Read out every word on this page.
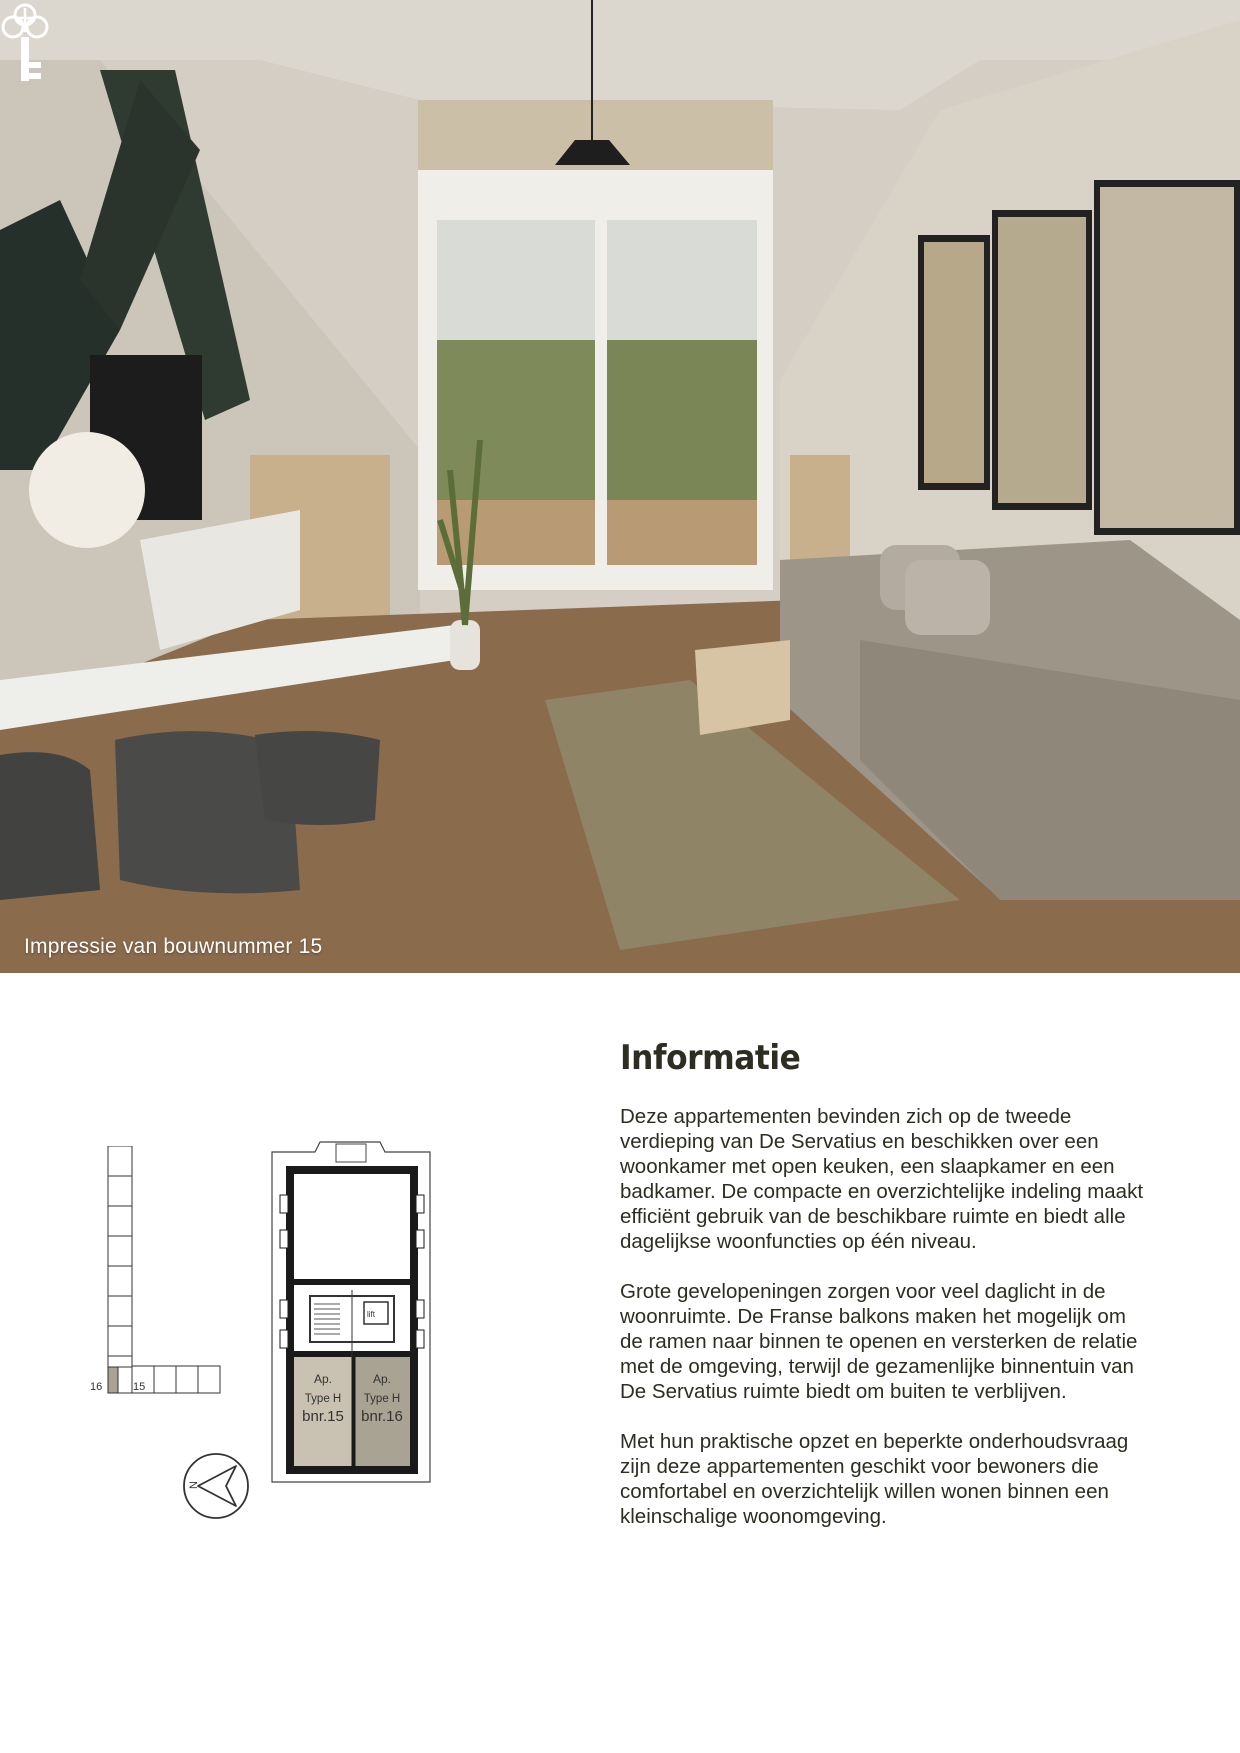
Impressie van bouwnummer 15
16	15
lift
Ap.
Type H
bnr.15
Ap.
Type H
bnr.16
N
Informatie

Deze appartementen bevinden zich op de tweede verdieping van De Servatius en beschikken over een woonkamer met open keuken, een slaapkamer en een badkamer. De compacte en overzichtelijke indeling maakt efficiënt gebruik van de beschikbare ruimte en biedt alle dagelijkse woonfuncties op één niveau.

Grote gevelopeningen zorgen voor veel daglicht in de woonruimte. De Franse balkons maken het mogelijk om de ramen naar binnen te openen en versterken de relatie met de omgeving, terwijl de gezamenlijke binnentuin van De Servatius ruimte biedt om buiten te verblijven.

Met hun praktische opzet en beperkte onderhoudsvraag zijn deze appartementen geschikt voor bewoners die comfortabel en overzichtelijk willen wonen binnen een kleinschalige woonomgeving.
